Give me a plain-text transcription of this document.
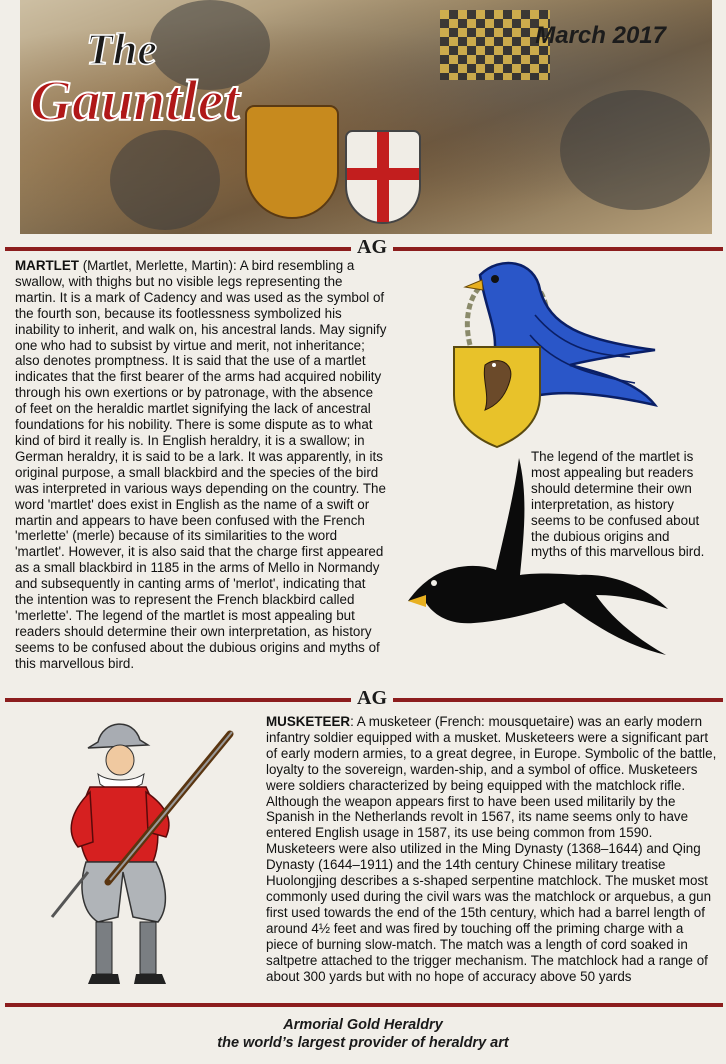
The
Gauntlet
March 2017
AG

MARTLET (Martlet, Merlette, Martin): A bird resembling a swallow, with thighs but no visible legs representing the martin. It is a mark of Cadency and was used as the symbol of the fourth son, because its footlessness symbolized his inability to inherit, and walk on, his ancestral lands. May signify one who had to subsist by virtue and merit, not inheritance; also denotes promptness. It is said that the use of a martlet indicates that the first bearer of the arms had acquired nobility through his own exertions or by patronage, with the absence of feet on the heraldic martlet signifying the lack of ancestral foundations for his nobility. There is some dispute as to what kind of bird it really is. In English heraldry, it is a swallow; in German heraldry, it is said to be a lark. It was apparently, in its original purpose, a small blackbird and the species of the bird was interpreted in various ways depending on the country. The word 'martlet' does exist in English as the name of a swift or martin and appears to have been confused with the French 'merlette' (merle) because of its similarities to the word 'martlet'. However, it is also said that the charge first appeared as a small blackbird in 1185 in the arms of Mello in Normandy and subsequently in canting arms of 'merlot', indicating that the intention was to represent the French blackbird called 'merlette'. The legend of the martlet is most appealing but readers should determine their own interpretation, as history seems to be confused about the dubious origins and myths of this marvellous bird.

The legend of the martlet is most appealing but readers should determine their own interpretation, as history seems to be confused about the dubious origins and myths of this marvellous bird.

AG

MUSKETEER: A musketeer (French: mousquetaire) was an early modern infantry soldier equipped with a musket. Musketeers were a significant part of early modern armies, to a great degree, in Europe. Symbolic of the battle, loyalty to the sovereign, warden-ship, and a symbol of office. Musketeers were soldiers characterized by being equipped with the matchlock rifle. Although the weapon appears first to have been used militarily by the Spanish in the Netherlands revolt in 1567, its name seems only to have entered English usage in 1587, its use being common from 1590. Musketeers were also utilized in the Ming Dynasty (1368–1644) and Qing Dynasty (1644–1911) and the 14th century Chinese military treatise Huolongjing describes a s-shaped serpentine matchlock. The musket most commonly used during the civil wars was the matchlock or arquebus, a gun first used towards the end of the 15th century, which had a barrel length of around 4½ feet and was fired by touching off the priming charge with a piece of burning slow-match. The match was a length of cord soaked in saltpetre attached to the trigger mechanism. The matchlock had a range of about 300 yards but with no hope of accuracy above 50 yards

Armorial Gold Heraldry
the world’s largest provider of heraldry art
